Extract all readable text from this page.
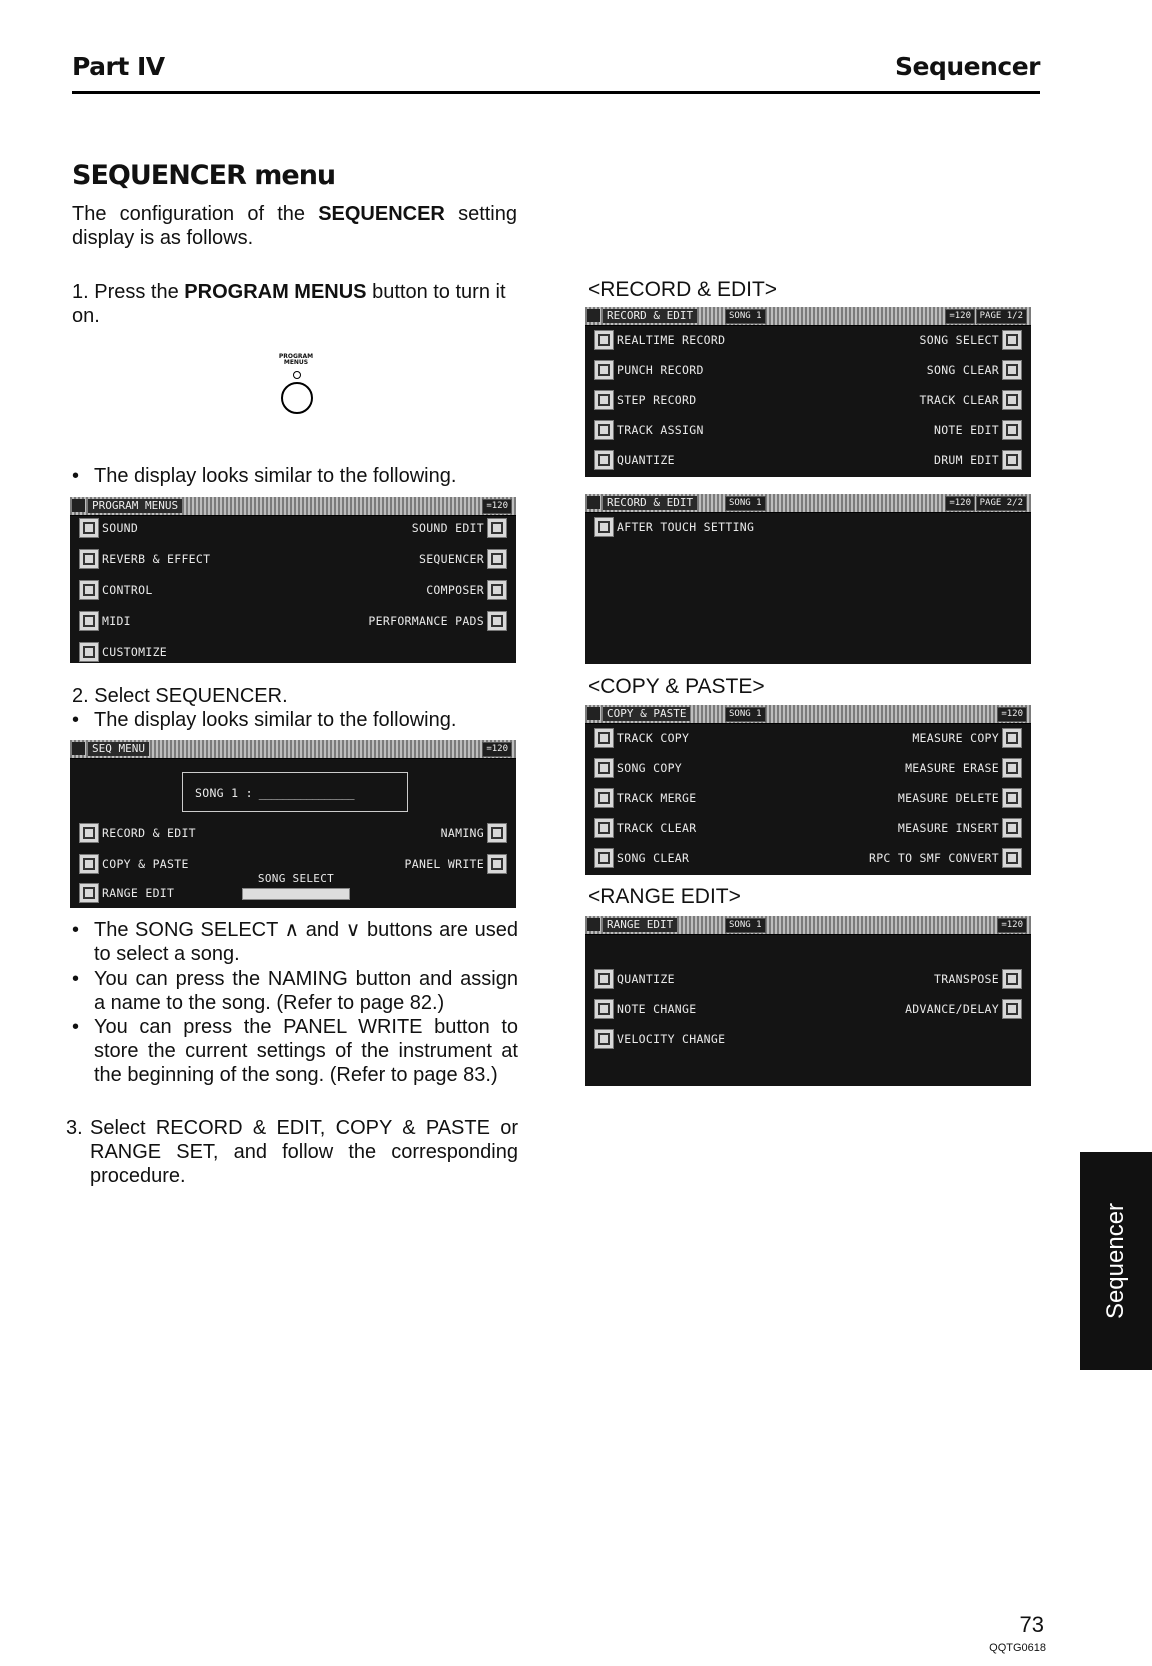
Part IV	Sequencer
SEQUENCER menu
The configuration of the SEQUENCER setting display is as follows.
1. Press the PROGRAM MENUS button to turn it on.
PROGRAM MENUS
• The display looks similar to the following.
PROGRAM MENUS	=120
SOUND	SOUND EDIT
REVERB & EFFECT	SEQUENCER
CONTROL	COMPOSER
MIDI	PERFORMANCE PADS
CUSTOMIZE
2. Select SEQUENCER.
• The display looks similar to the following.
SEQ MENU	=120
SONG 1 : ________________
RECORD & EDIT	NAMING
COPY & PASTE	PANEL WRITE
RANGE EDIT
SONG SELECT
• The SONG SELECT ∧ and ∨ buttons are used to select a song.
• You can press the NAMING button and assign a name to the song. (Refer to page 82.)
• You can press the PANEL WRITE button to store the current settings of the instrument at the beginning of the song. (Refer to page 83.)
3. Select RECORD & EDIT, COPY & PASTE or RANGE SET, and follow the corresponding procedure.
<RECORD & EDIT>
RECORD & EDIT	SONG 1	=120 PAGE 1/2
REALTIME RECORD	SONG SELECT
PUNCH RECORD	SONG CLEAR
STEP RECORD	TRACK CLEAR
TRACK ASSIGN	NOTE EDIT
QUANTIZE	DRUM EDIT
RECORD & EDIT	SONG 1	=120 PAGE 2/2
AFTER TOUCH SETTING
<COPY & PASTE>
COPY & PASTE	SONG 1	=120
TRACK COPY	MEASURE COPY
SONG COPY	MEASURE ERASE
TRACK MERGE	MEASURE DELETE
TRACK CLEAR	MEASURE INSERT
SONG CLEAR	RPC TO SMF CONVERT
<RANGE EDIT>
RANGE EDIT	SONG 1	=120
QUANTIZE	TRANSPOSE
NOTE CHANGE	ADVANCE/DELAY
VELOCITY CHANGE
Sequencer
73
QQTG0618
